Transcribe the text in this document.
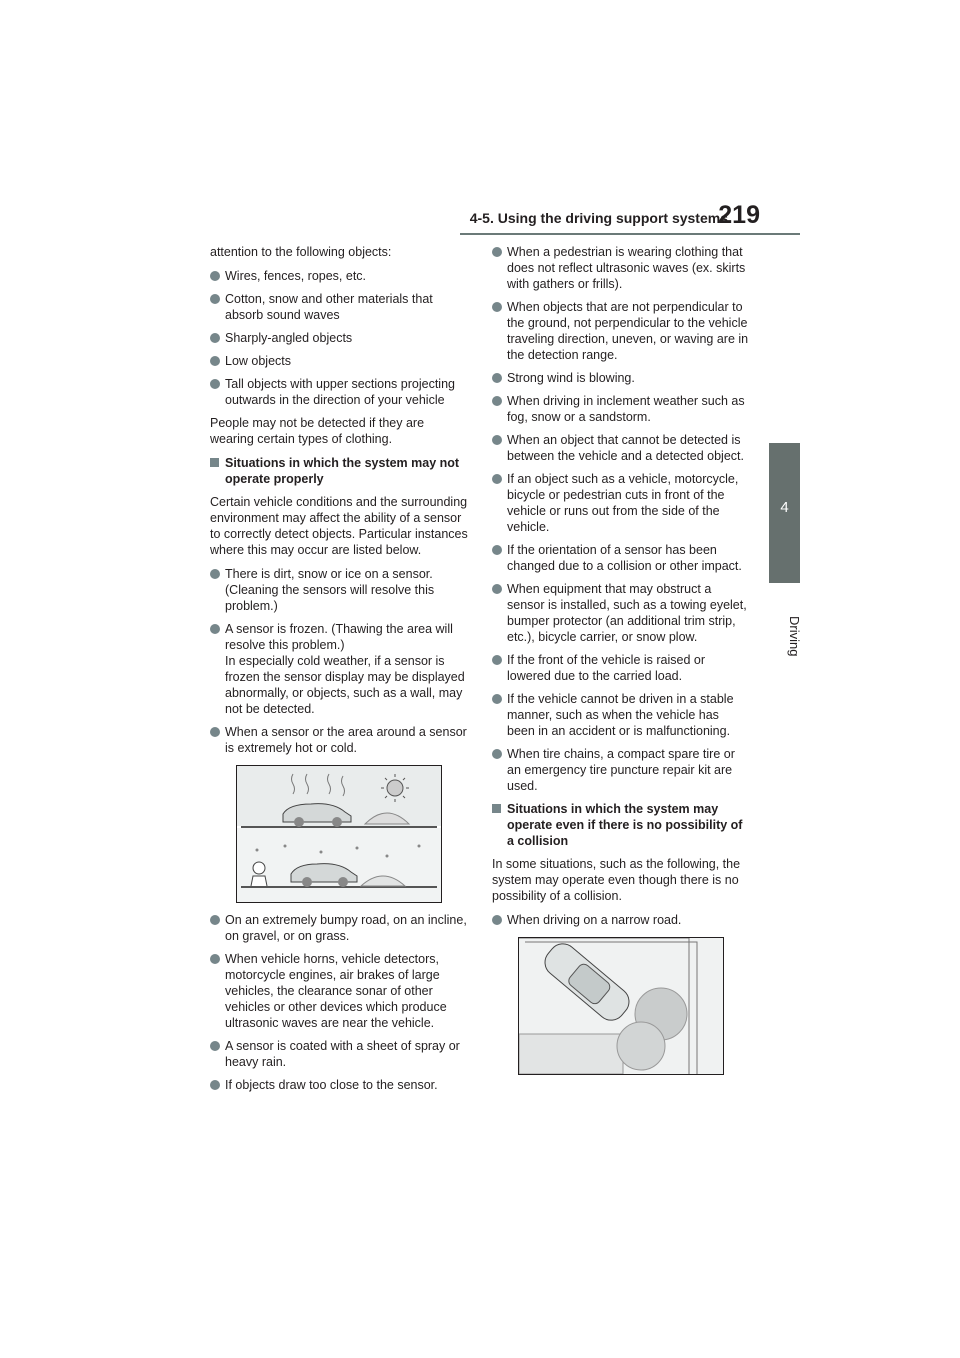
4-5. Using the driving support systems
219
4
Driving

attention to the following objects:

Wires, fences, ropes, etc.
Cotton, snow and other materials that absorb sound waves
Sharply-angled objects
Low objects
Tall objects with upper sections projecting outwards in the direction of your vehicle

People may not be detected if they are wearing certain types of clothing.

Situations in which the system may not operate properly

Certain vehicle conditions and the surrounding environment may affect the ability of a sensor to correctly detect objects. Particular instances where this may occur are listed below.

There is dirt, snow or ice on a sensor. (Cleaning the sensors will resolve this problem.)
A sensor is frozen. (Thawing the area will resolve this problem.)
In especially cold weather, if a sensor is frozen the sensor display may be displayed abnormally, or objects, such as a wall, may not be detected.
When a sensor or the area around a sensor is extremely hot or cold.
On an extremely bumpy road, on an incline, on gravel, or on grass.
When vehicle horns, vehicle detectors, motorcycle engines, air brakes of large vehicles, the clearance sonar of other vehicles or other devices which produce ultrasonic waves are near the vehicle.
A sensor is coated with a sheet of spray or heavy rain.
If objects draw too close to the sensor.
When a pedestrian is wearing clothing that does not reflect ultrasonic waves (ex. skirts with gathers or frills).
When objects that are not perpendicular to the ground, not perpendicular to the vehicle traveling direction, uneven, or waving are in the detection range.
Strong wind is blowing.
When driving in inclement weather such as fog, snow or a sandstorm.
When an object that cannot be detected is between the vehicle and a detected object.
If an object such as a vehicle, motorcycle, bicycle or pedestrian cuts in front of the vehicle or runs out from the side of the vehicle.
If the orientation of a sensor has been changed due to a collision or other impact.
When equipment that may obstruct a sensor is installed, such as a towing eyelet, bumper protector (an additional trim strip, etc.), bicycle carrier, or snow plow.
If the front of the vehicle is raised or lowered due to the carried load.
If the vehicle cannot be driven in a stable manner, such as when the vehicle has been in an accident or is malfunctioning.
When tire chains, a compact spare tire or an emergency tire puncture repair kit are used.
Situations in which the system may operate even if there is no possibility of a collision

In some situations, such as the following, the system may operate even though there is no possibility of a collision.

When driving on a narrow road.
